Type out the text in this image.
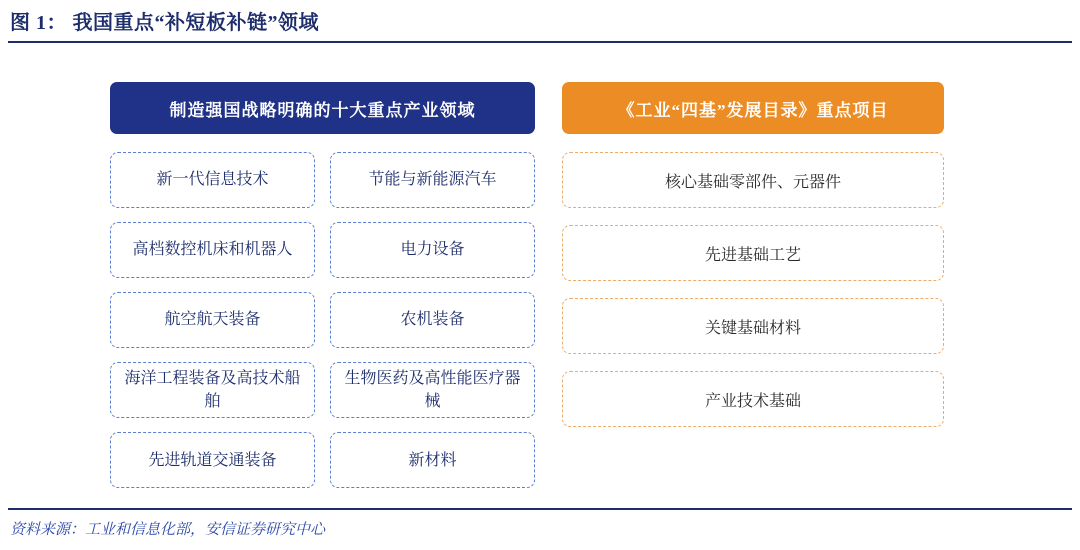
图 1： 我国重点“补短板补链”领域
制造强国战略明确的十大重点产业领域
新一代信息技术	节能与新能源汽车
高档数控机床和机器人	电力设备
航空航天装备	农机装备
海洋工程装备及高技术船舶
生物医药及高性能医疗器械
先进轨道交通装备	新材料
《工业“四基”发展目录》重点项目
核心基础零部件、元器件
先进基础工艺
关键基础材料
产业技术基础
资料来源：工业和信息化部，安信证券研究中心
